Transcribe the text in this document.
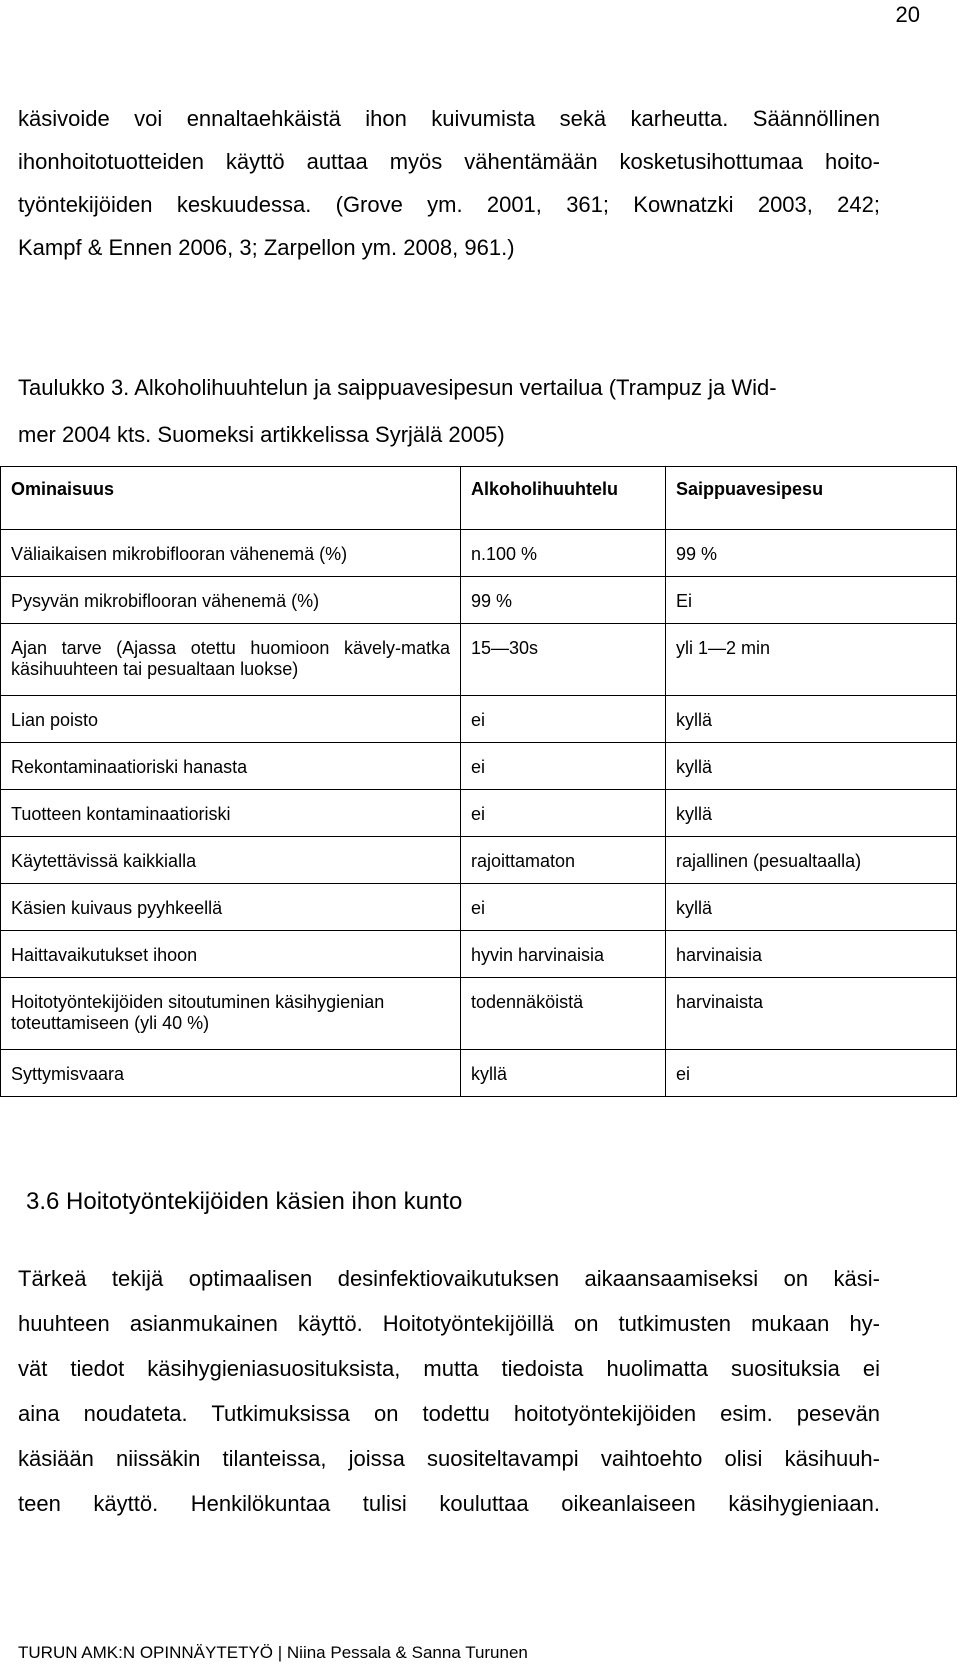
20

käsivoide voi ennaltaehkäistä ihon kuivumista sekä karheutta. Säännöllinen

ihonhoitotuotteiden käyttö auttaa myös vähentämään kosketusihottumaa hoito-

työntekijöiden keskuudessa. (Grove ym. 2001, 361; Kownatzki 2003, 242;

Kampf & Ennen 2006, 3; Zarpellon ym. 2008, 961.)

Taulukko 3. Alkoholihuuhtelun ja saippuavesipesun vertailua (Trampuz ja Wid-

mer 2004 kts. Suomeksi artikkelissa Syrjälä 2005)

Ominaisuus	Alkoholihuuhtelu	Saippuavesipesu
Väliaikaisen mikrobiflooran vähenemä (%)	n.100 %	99 %
Pysyvän mikrobiflooran vähenemä (%)	99 %	Ei
Ajan tarve (Ajassa otettu huomioon kävely-matka käsihuuhteen tai pesualtaan luokse)	15—30s	yli 1—2 min
Lian poisto	ei	kyllä
Rekontaminaatioriski hanasta	ei	kyllä
Tuotteen kontaminaatioriski	ei	kyllä
Käytettävissä kaikkialla	rajoittamaton	rajallinen (pesualtaalla)
Käsien kuivaus pyyhkeellä	ei	kyllä
Haittavaikutukset ihoon	hyvin harvinaisia	harvinaisia
Hoitotyöntekijöiden sitoutuminen käsihygienian toteuttamiseen (yli 40 %)	todennäköistä	harvinaista
Syttymisvaara	kyllä	ei
3.6 Hoitotyöntekijöiden käsien ihon kunto

Tärkeä tekijä optimaalisen desinfektiovaikutuksen aikaansaamiseksi on käsi-

huuhteen asianmukainen käyttö. Hoitotyöntekijöillä on tutkimusten mukaan hy-

vät tiedot käsihygieniasuosituksista, mutta tiedoista huolimatta suosituksia ei

aina noudateta. Tutkimuksissa on todettu hoitotyöntekijöiden esim. pesevän

käsiään niissäkin tilanteissa, joissa suositeltavampi vaihtoehto olisi käsihuuh-

teen käyttö. Henkilökuntaa tulisi kouluttaa oikeanlaiseen käsihygieniaan.

TURUN AMK:N OPINNÄYTETYÖ | Niina Pessala & Sanna Turunen
